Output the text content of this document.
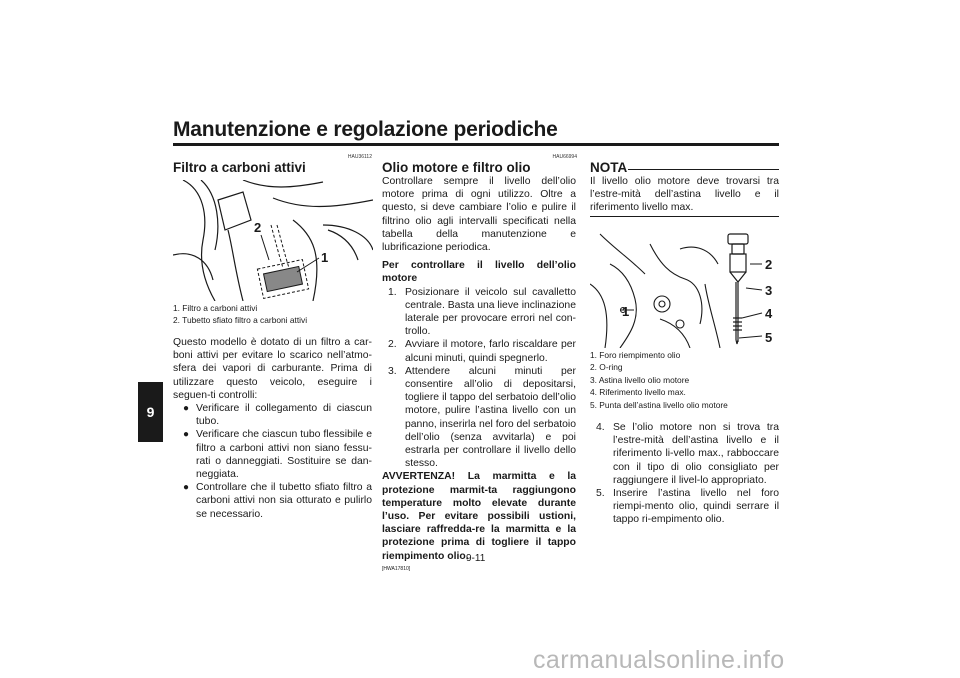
Manutenzione e regolazione periodiche
9
HAU36112
Filtro a carboni attivi
2
1
1. Filtro a carboni attivi
2. Tubetto sfiato filtro a carboni attivi
Questo modello è dotato di un filtro a car-boni attivi per evitare lo scarico nell’atmo-sfera dei vapori di carburante. Prima di utilizzare questo veicolo, eseguire i seguen-ti controlli:
● Verificare il collegamento di ciascun tubo.
● Verificare che ciascun tubo flessibile e filtro a carboni attivi non siano fessu-rati o danneggiati. Sostituire se dan-neggiata.
● Controllare che il tubetto sfiato filtro a carboni attivi non sia otturato e pulirlo se necessario.
HAU66994
Olio motore e filtro olio
Controllare sempre il livello dell’olio motore prima di ogni utilizzo. Oltre a questo, si deve cambiare l’olio e pulire il filtrino olio agli intervalli specificati nella tabella della manutenzione e lubrificazione periodica.
Per controllare il livello dell’olio motore
1. Posizionare il veicolo sul cavalletto centrale. Basta una lieve inclinazione laterale per provocare errori nel con-trollo.
2. Avviare il motore, farlo riscaldare per alcuni minuti, quindi spegnerlo.
3. Attendere alcuni minuti per consentire all’olio di depositarsi, togliere il tappo del serbatoio dell’olio motore, pulire l’astina livello con un panno, inserirla nel foro del serbatoio dell’olio (senza avvitarla) e poi estrarla per controllare il livello dello stesso.
AVVERTENZA! La marmitta e la protezione marmit-ta raggiungono temperature molto elevate durante l’uso. Per evitare possibili ustioni, lasciare raffredda-re la marmitta e la protezione prima di togliere il tappo riempimento olio.
[HWA17810]
NOTA
Il livello olio motore deve trovarsi tra l’estre-mità dell’astina livello e il riferimento livello max.
1
2
3
4
5
1. Foro riempimento olio
2. O-ring
3. Astina livello olio motore
4. Riferimento livello max.
5. Punta dell’astina livello olio motore
4. Se l’olio motore non si trova tra l’estre-mità dell’astina livello e il riferimento li-vello max., rabboccare con il tipo di olio consigliato per raggiungere il livel-lo appropriato.
5. Inserire l’astina livello nel foro riempi-mento olio, quindi serrare il tappo ri-empimento olio.
9-11
carmanualsonline.info
